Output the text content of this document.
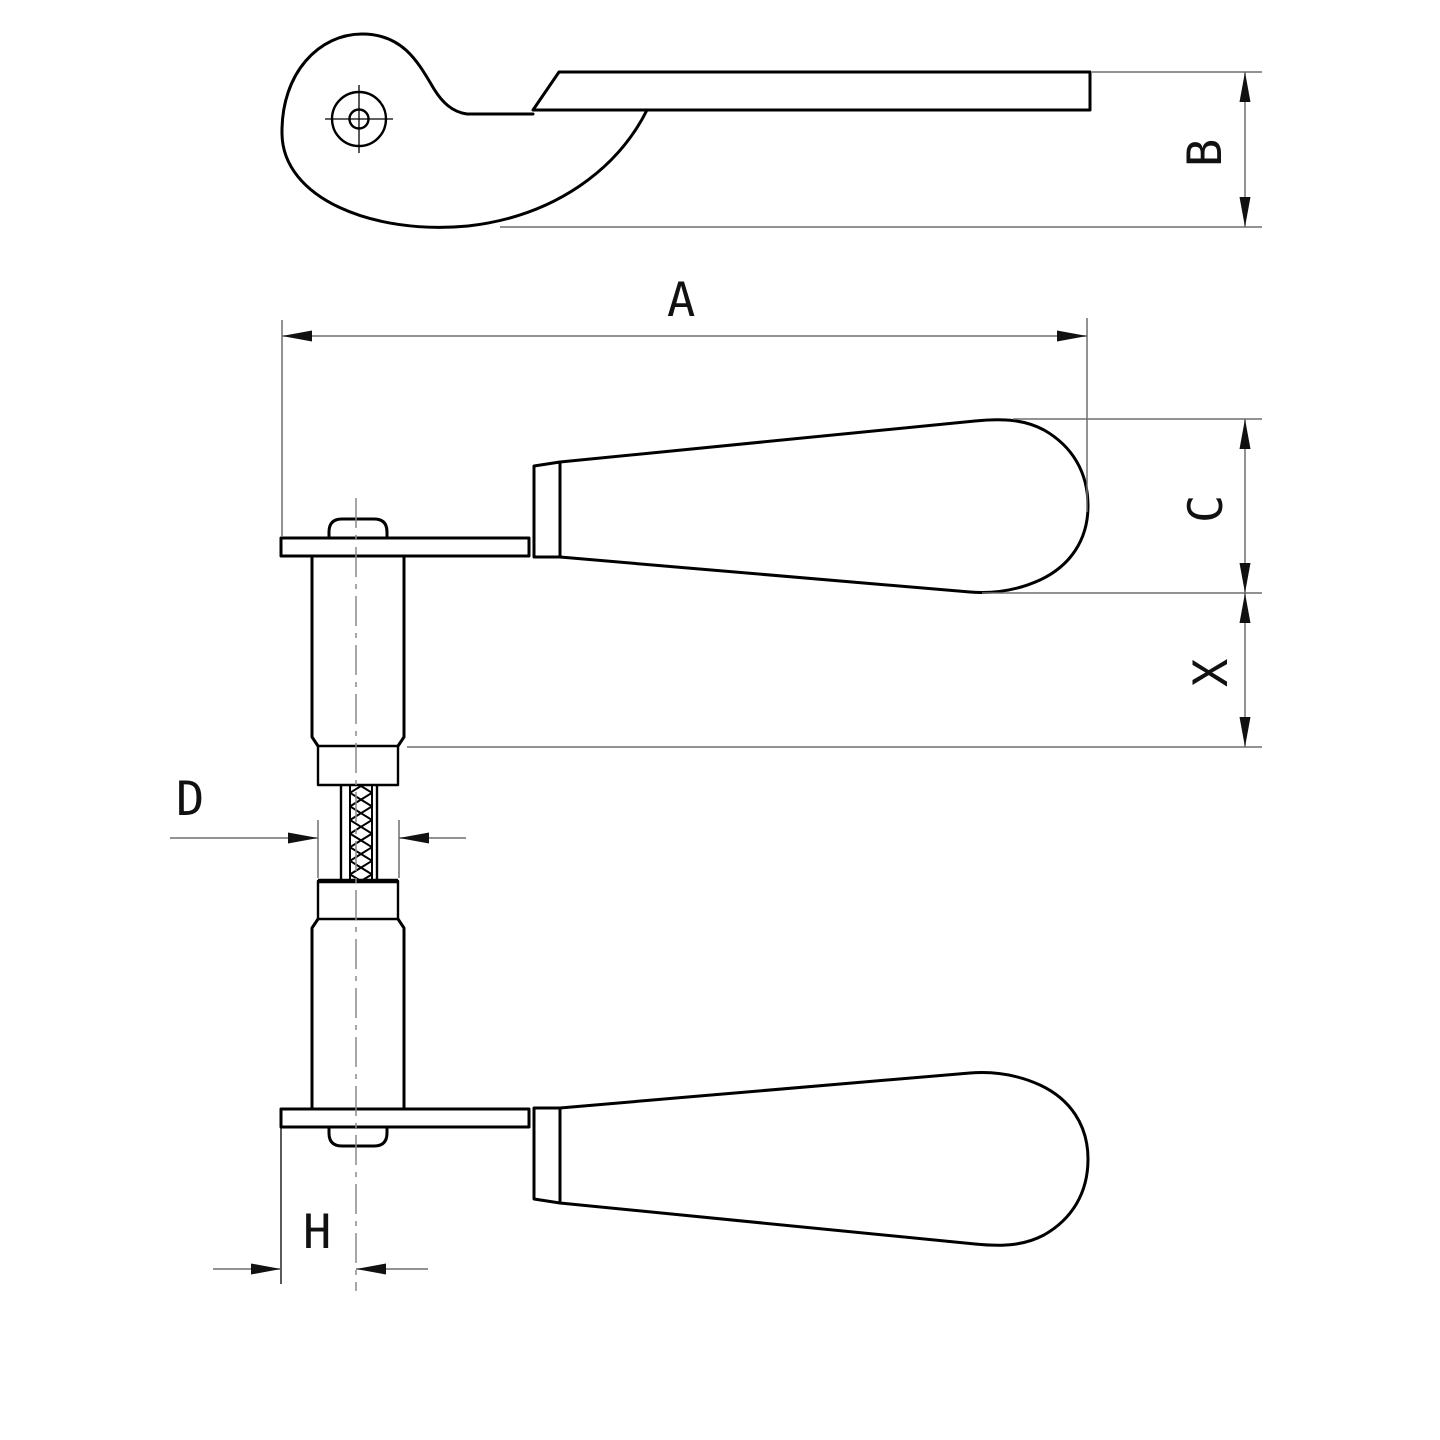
A
B
C
X
D
H
